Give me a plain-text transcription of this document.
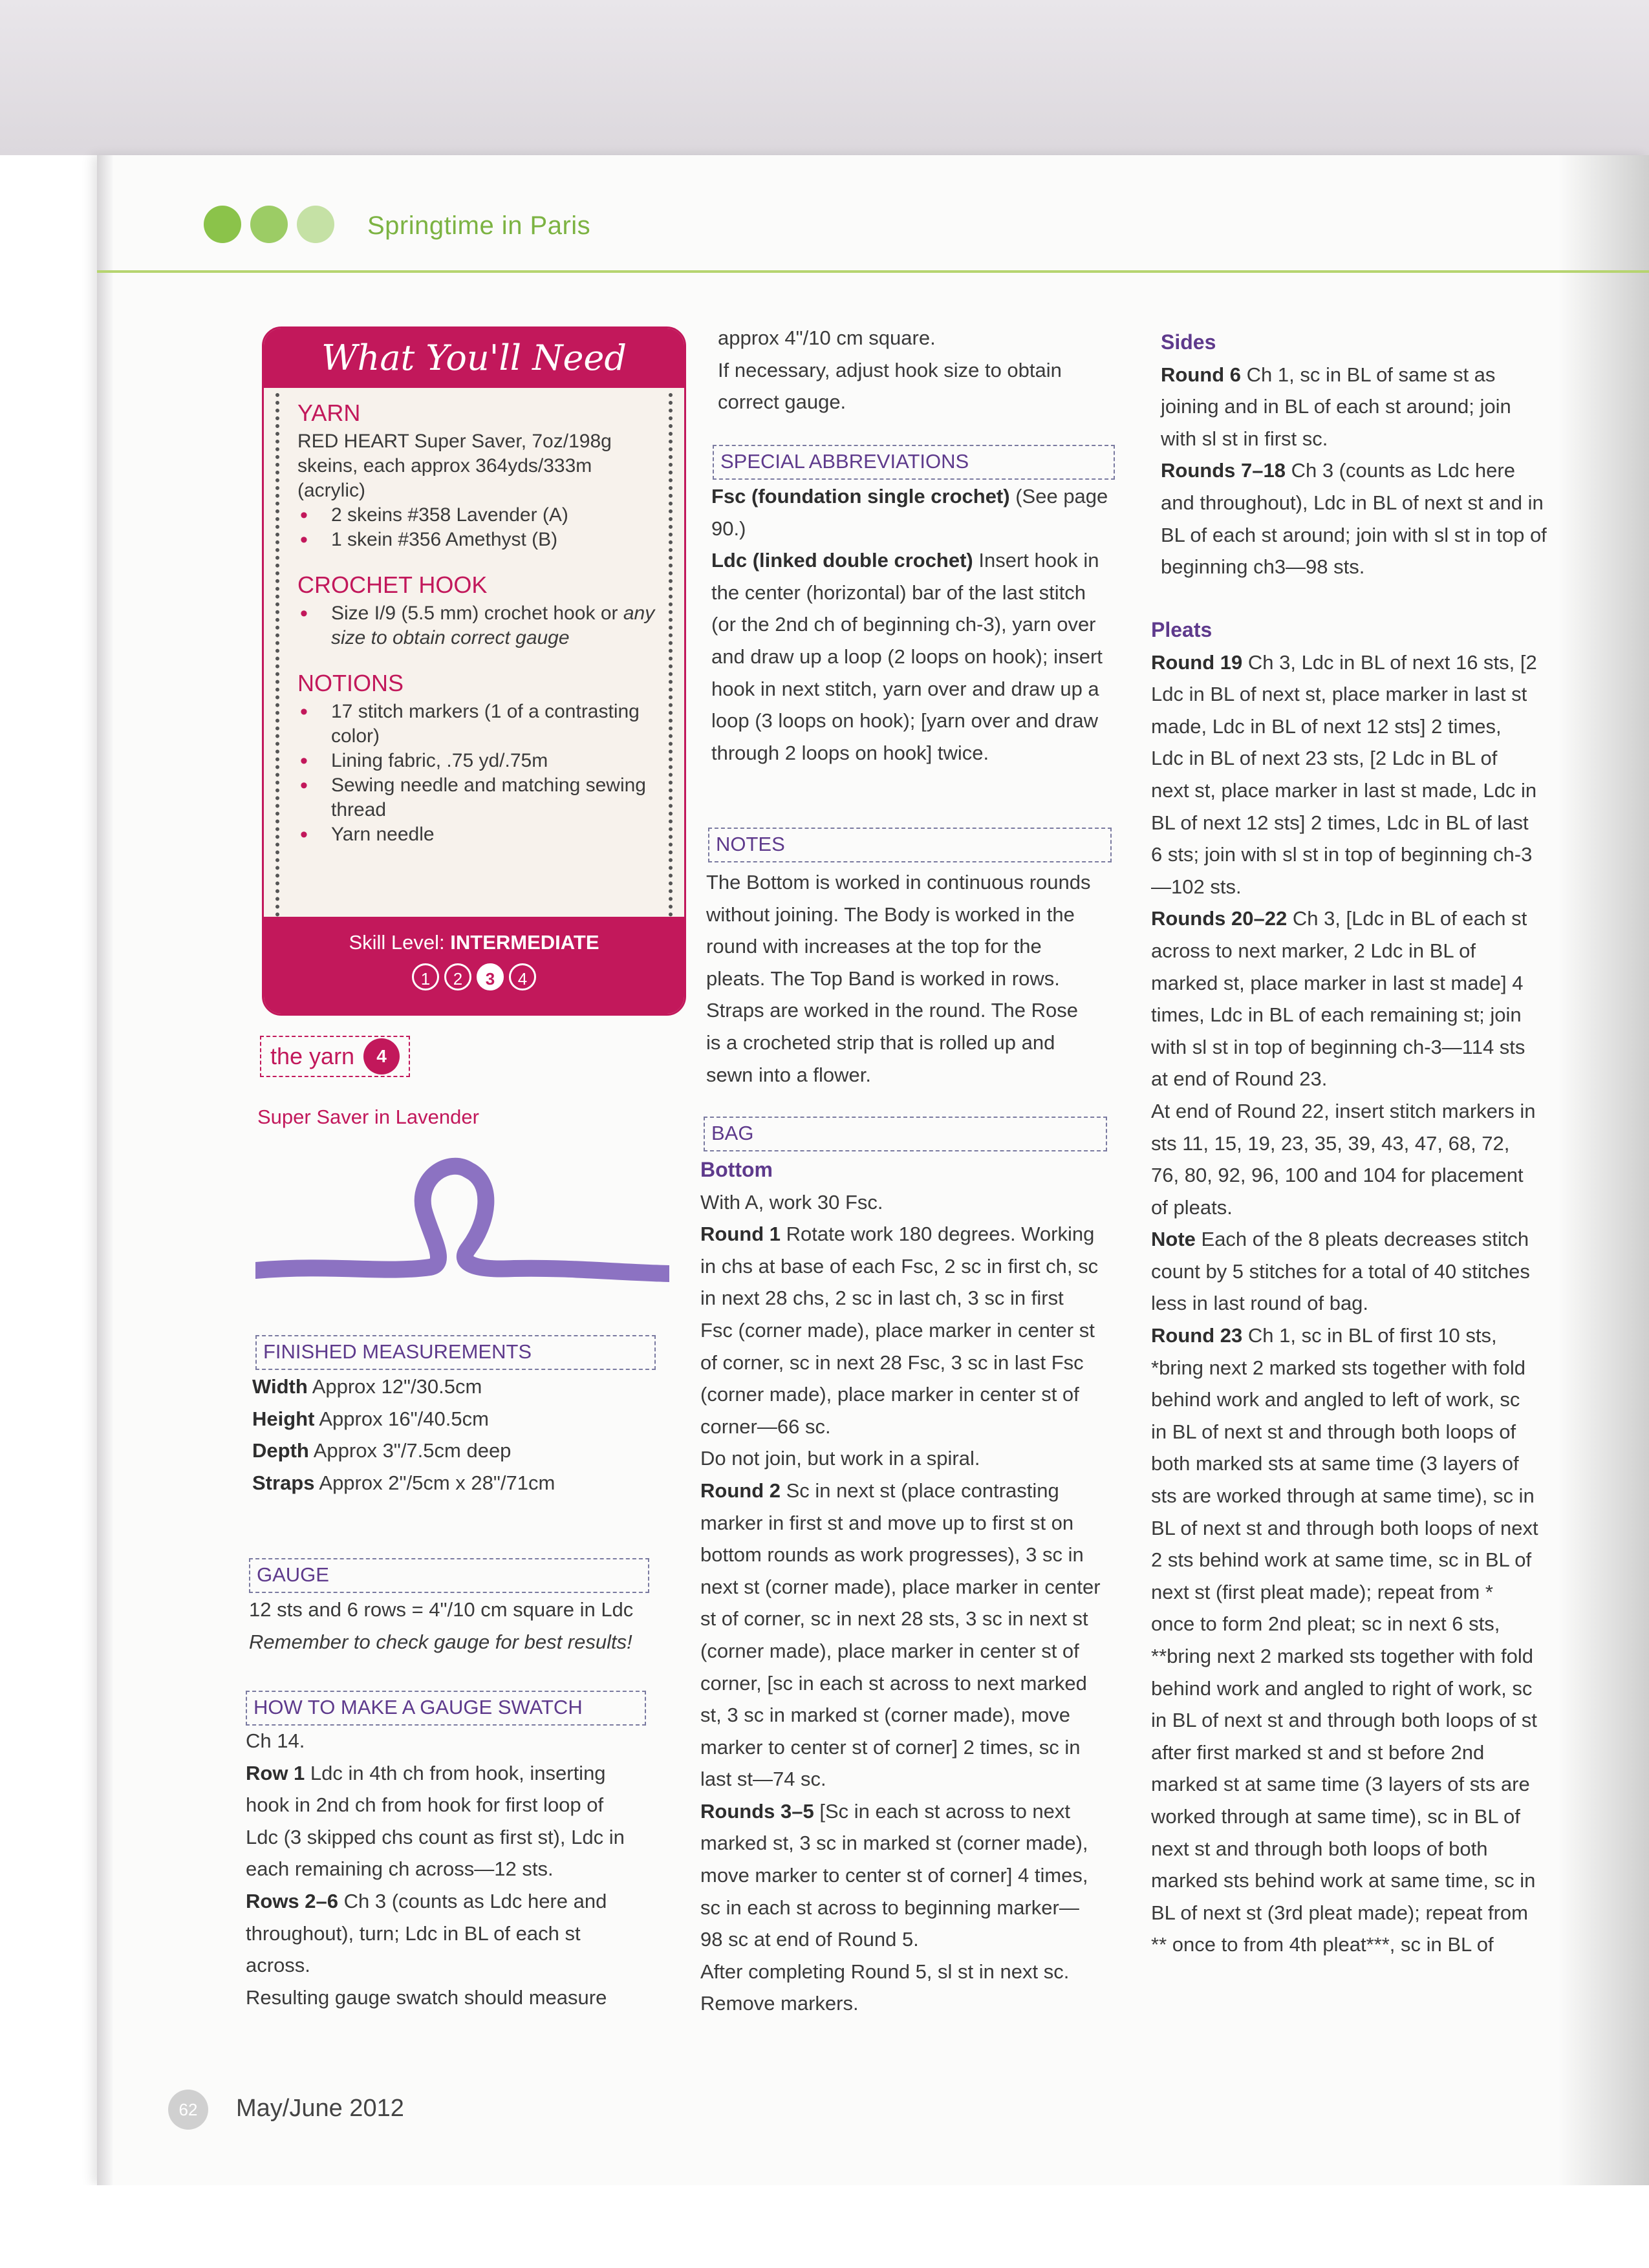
Springtime in Paris
What You'll Need
YARN

RED HEART Super Saver, 7oz/198g skeins, each approx 364yds/333m (acrylic)

• 2 skeins #358 Lavender (A)
• 1 skein #356 Amethyst (B)
CROCHET HOOK
• Size I/9 (5.5 mm) crochet hook or any size to obtain correct gauge
NOTIONS
• 17 stitch markers (1 of a contrasting color)
• Lining fabric, .75 yd/.75m
• Sewing needle and matching sewing thread
• Yarn needle
Skill Level: INTERMEDIATE
1	2	3	4
the yarn	4
Super Saver in Lavender
FINISHED MEASUREMENTS

Width Approx 12"/30.5cm

Height Approx 16"/40.5cm

Depth Approx 3"/7.5cm deep

Straps Approx 2"/5cm x 28"/71cm

GAUGE

12 sts and 6 rows = 4"/10 cm square in Ldc

Remember to check gauge for best results!

HOW TO MAKE A GAUGE SWATCH

Ch 14.

Row 1 Ldc in 4th ch from hook, inserting hook in 2nd ch from hook for first loop of Ldc (3 skipped chs count as first st), Ldc in each remaining ch across—12 sts.

Rows 2–6 Ch 3 (counts as Ldc here and throughout), turn; Ldc in BL of each st across.

Resulting gauge swatch should measure

approx 4"/10 cm square.

If necessary, adjust hook size to obtain correct gauge.

SPECIAL ABBREVIATIONS

Fsc (foundation single crochet) (See page 90.)

Ldc (linked double crochet) Insert hook in the center (horizontal) bar of the last stitch (or the 2nd ch of beginning ch-3), yarn over and draw up a loop (2 loops on hook); insert hook in next stitch, yarn over and draw up a loop (3 loops on hook); [yarn over and draw through 2 loops on hook] twice.

NOTES
The Bottom is worked in continuous rounds without joining. The Body is worked in the round with increases at the top for the pleats. The Top Band is worked in rows. Straps are worked in the round. The Rose is a crocheted strip that is rolled up and sewn into a flower.
BAG

Bottom

With A, work 30 Fsc.

Round 1 Rotate work 180 degrees. Working in chs at base of each Fsc, 2 sc in first ch, sc in next 28 chs, 2 sc in last ch, 3 sc in first Fsc (corner made), place marker in center st of corner, sc in next 28 Fsc, 3 sc in last Fsc (corner made), place marker in center st of corner—66 sc.

Do not join, but work in a spiral.

Round 2 Sc in next st (place contrasting marker in first st and move up to first st on bottom rounds as work progresses), 3 sc in next st (corner made), place marker in center st of corner, sc in next 28 sts, 3 sc in next st (corner made), place marker in center st of corner, [sc in each st across to next marked st, 3 sc in marked st (corner made), move marker to center st of corner] 2 times, sc in last st—74 sc.

Rounds 3–5 [Sc in each st across to next marked st, 3 sc in marked st (corner made), move marker to center st of corner] 4 times, sc in each st across to beginning marker—98 sc at end of Round 5.

After completing Round 5, sl st in next sc. Remove markers.

Sides

Round 6 Ch 1, sc in BL of same st as joining and in BL of each st around; join with sl st in first sc.

Rounds 7–18 Ch 3 (counts as Ldc here and throughout), Ldc in BL of next st and in BL of each st around; join with sl st in top of beginning ch3—98 sts.

Pleats

Round 19 Ch 3, Ldc in BL of next 16 sts, [2 Ldc in BL of next st, place marker in last st made, Ldc in BL of next 12 sts] 2 times, Ldc in BL of next 23 sts, [2 Ldc in BL of next st, place marker in last st made, Ldc in BL of next 12 sts] 2 times, Ldc in BL of last 6 sts; join with sl st in top of beginning ch-3—102 sts.

Rounds 20–22 Ch 3, [Ldc in BL of each st across to next marker, 2 Ldc in BL of marked st, place marker in last st made] 4 times, Ldc in BL of each remaining st; join with sl st in top of beginning ch-3—114 sts at end of Round 23.

At end of Round 22, insert stitch markers in sts 11, 15, 19, 23, 35, 39, 43, 47, 68, 72, 76, 80, 92, 96, 100 and 104 for placement of pleats.

Note Each of the 8 pleats decreases stitch count by 5 stitches for a total of 40 stitches less in last round of bag.

Round 23 Ch 1, sc in BL of first 10 sts, *bring next 2 marked sts together with fold behind work and angled to left of work, sc in BL of next st and through both loops of both marked sts at same time (3 layers of sts are worked through at same time), sc in BL of next st and through both loops of next 2 sts behind work at same time, sc in BL of next st (first pleat made); repeat from * once to form 2nd pleat; sc in next 6 sts, **bring next 2 marked sts together with fold behind work and angled to right of work, sc in BL of next st and through both loops of st after first marked st and st before 2nd marked st at same time (3 layers of sts are worked through at same time), sc in BL of next st and through both loops of both marked sts behind work at same time, sc in BL of next st (3rd pleat made); repeat from ** once to from 4th pleat***, sc in BL of

62	May/June 2012
